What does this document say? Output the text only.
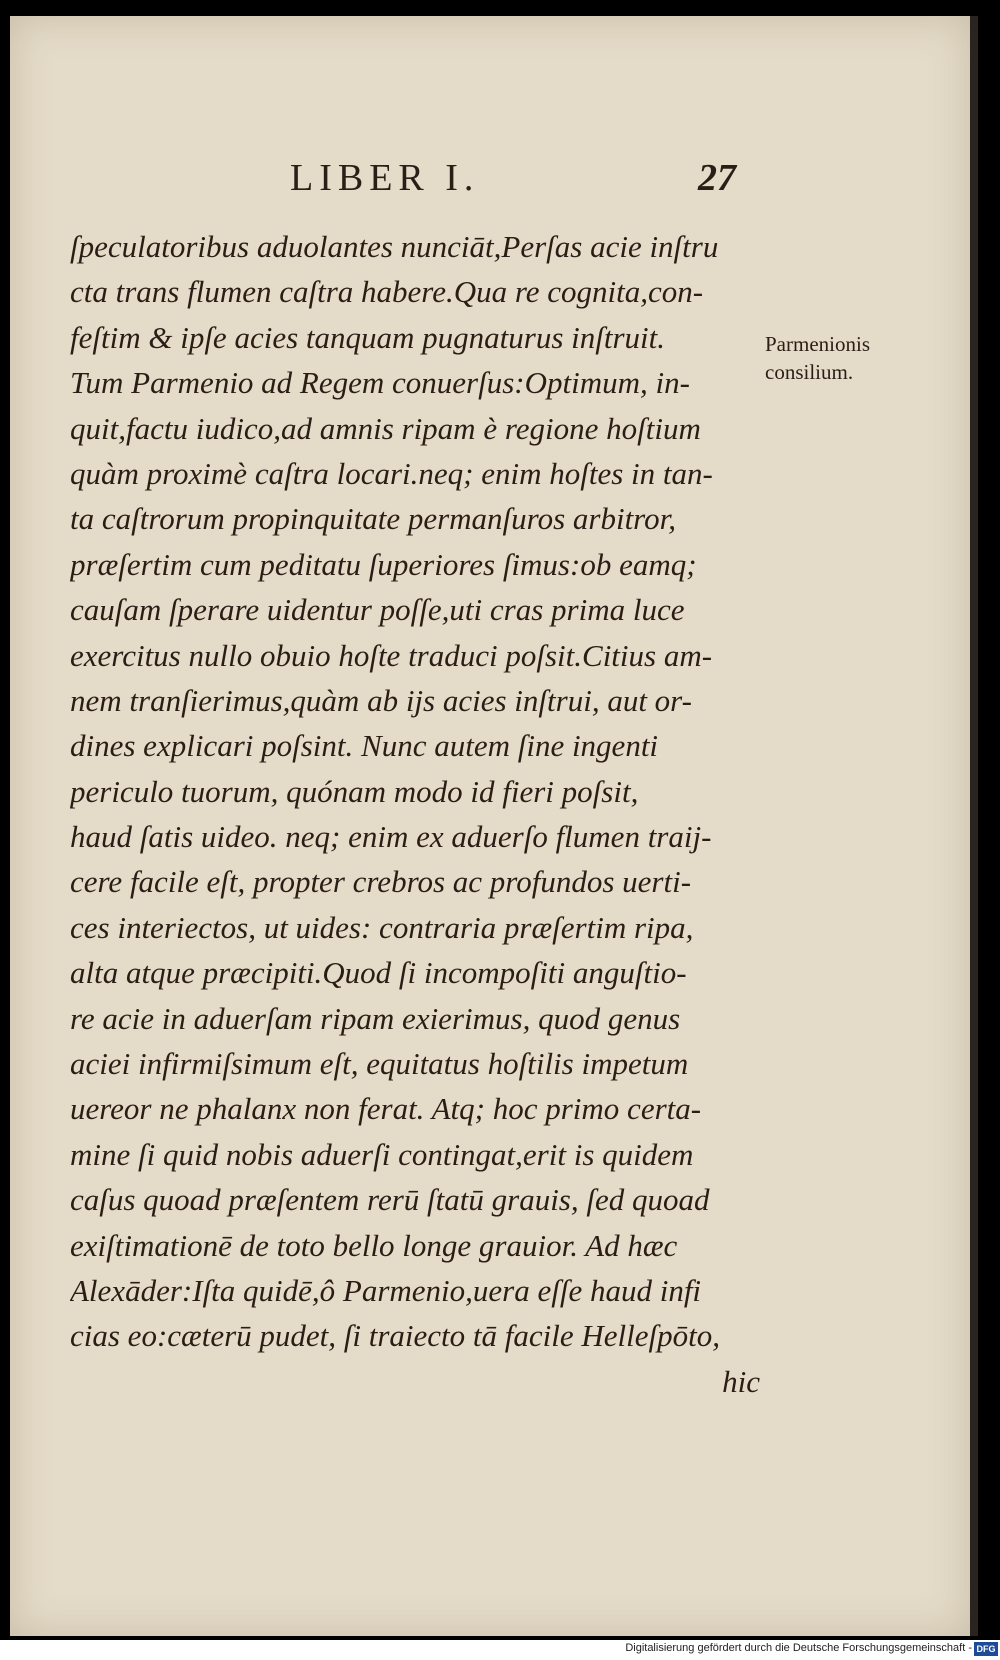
LIBER I.	27
ſpeculatoribus aduolantes nunciāt,Perſas acie inſtru
cta trans flumen caſtra habere.Qua re cognita,con-
feſtim & ipſe acies tanquam pugnaturus inſtruit.
Tum Parmenio ad Regem conuerſus:Optimum, in-
quit,factu iudico,ad amnis ripam è regione hoſtium
quàm proximè caſtra locari.neq; enim hoſtes in tan-
ta caſtrorum propinquitate permanſuros arbitror,
præſertim cum peditatu ſuperiores ſimus:ob eamq;
cauſam ſperare uidentur poſſe,uti cras prima luce
exercitus nullo obuio hoſte traduci poſsit.Citius am-
nem tranſierimus,quàm ab ijs acies inſtrui, aut or-
dines explicari poſsint. Nunc autem ſine ingenti
periculo tuorum, quónam modo id fieri poſsit,
haud ſatis uideo. neq; enim ex aduerſo flumen traij-
cere facile eſt, propter crebros ac profundos uerti-
ces interiectos, ut uides: contraria præſertim ripa,
alta atque præcipiti.Quod ſi incompoſiti anguſtio-
re acie in aduerſam ripam exierimus, quod genus
aciei infirmiſsimum eſt, equitatus hoſtilis impetum
uereor ne phalanx non ferat. Atq; hoc primo certa-
mine ſi quid nobis aduerſi contingat,erit is quidem
caſus quoad præſentem rerū ſtatū grauis, ſed quoad
exiſtimationē de toto bello longe grauior. Ad hæc
Alexāder:Iſta quidē,ô Parmenio,uera eſſe haud infi
cias eo:cæterū pudet, ſi traiecto tā facile Helleſpōto,
hic
Parmenionis
consilium.
Digitalisierung gefördert durch die Deutsche Forschungsgemeinschaft - DFG
